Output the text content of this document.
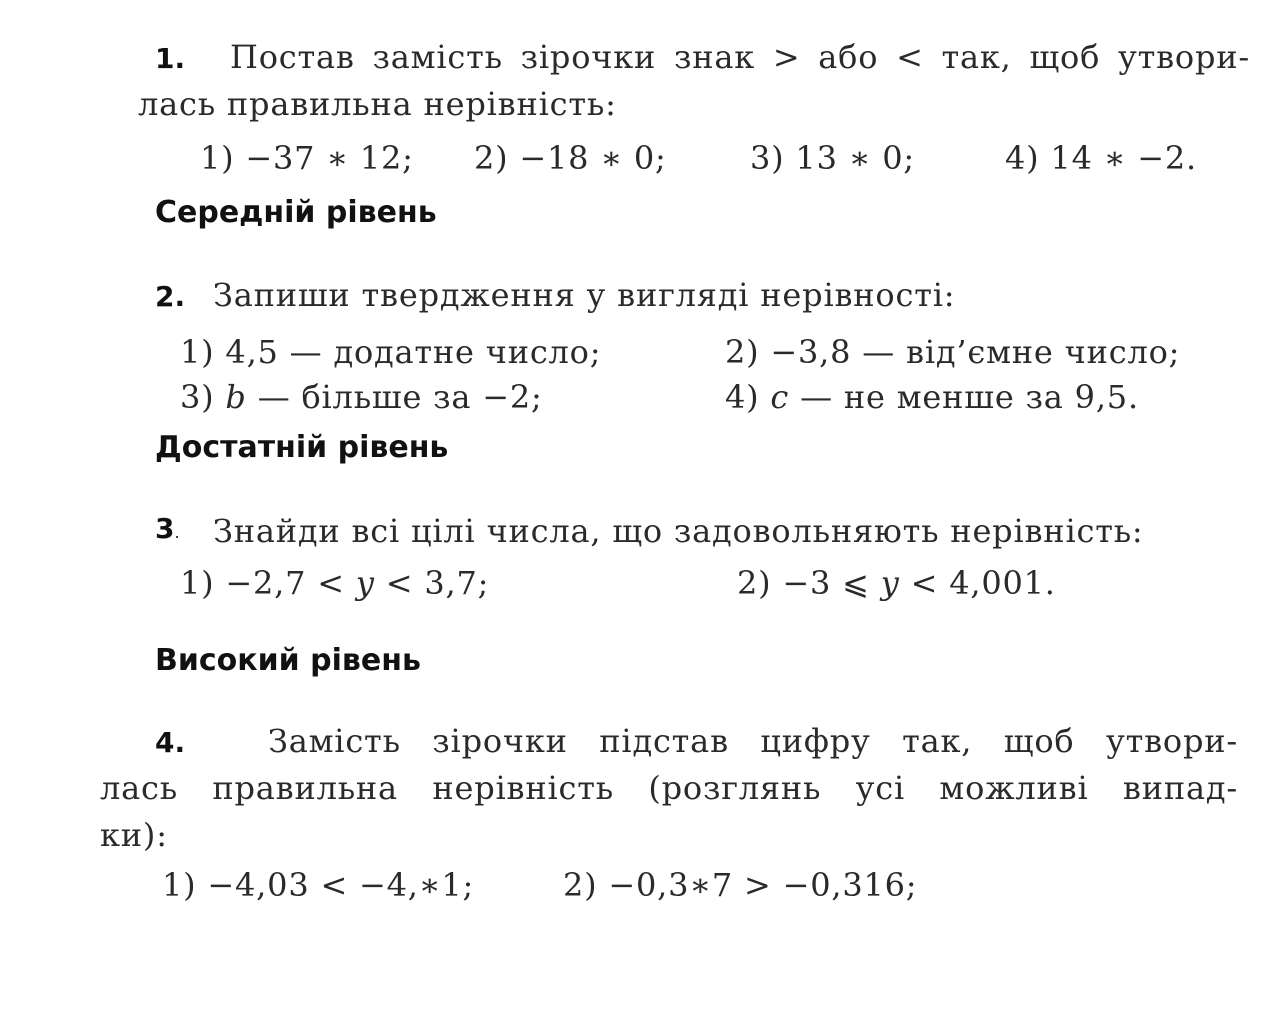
1. Постав замість зірочки знак > або < так, щоб утвори-
лась правильна нерівність:
1) −37 ∗ 12; 2) −18 ∗ 0;	3) 13 ∗ 0;	4) 14 ∗ −2.
Середній рівень
2. Запиши твердження у вигляді нерівності:
1) 4,5 — додатне число;	2) −3,8 — від’ємне число;
3) b — більше за −2;	4) c — не менше за 9,5.
Достатній рівень
3. Знайди всі цілі числа, що задовольняють нерівність:
1) −2,7 < y < 3,7;	2) −3 ⩽ y < 4,001.
Високий рівень
4.	Замість зірочки підстав цифру так, щоб утвори-
лась правильна нерівність (розглянь усі можливі випад-
ки):
1) −4,03 < −4,∗1;	2) −0,3∗7 > −0,316;
